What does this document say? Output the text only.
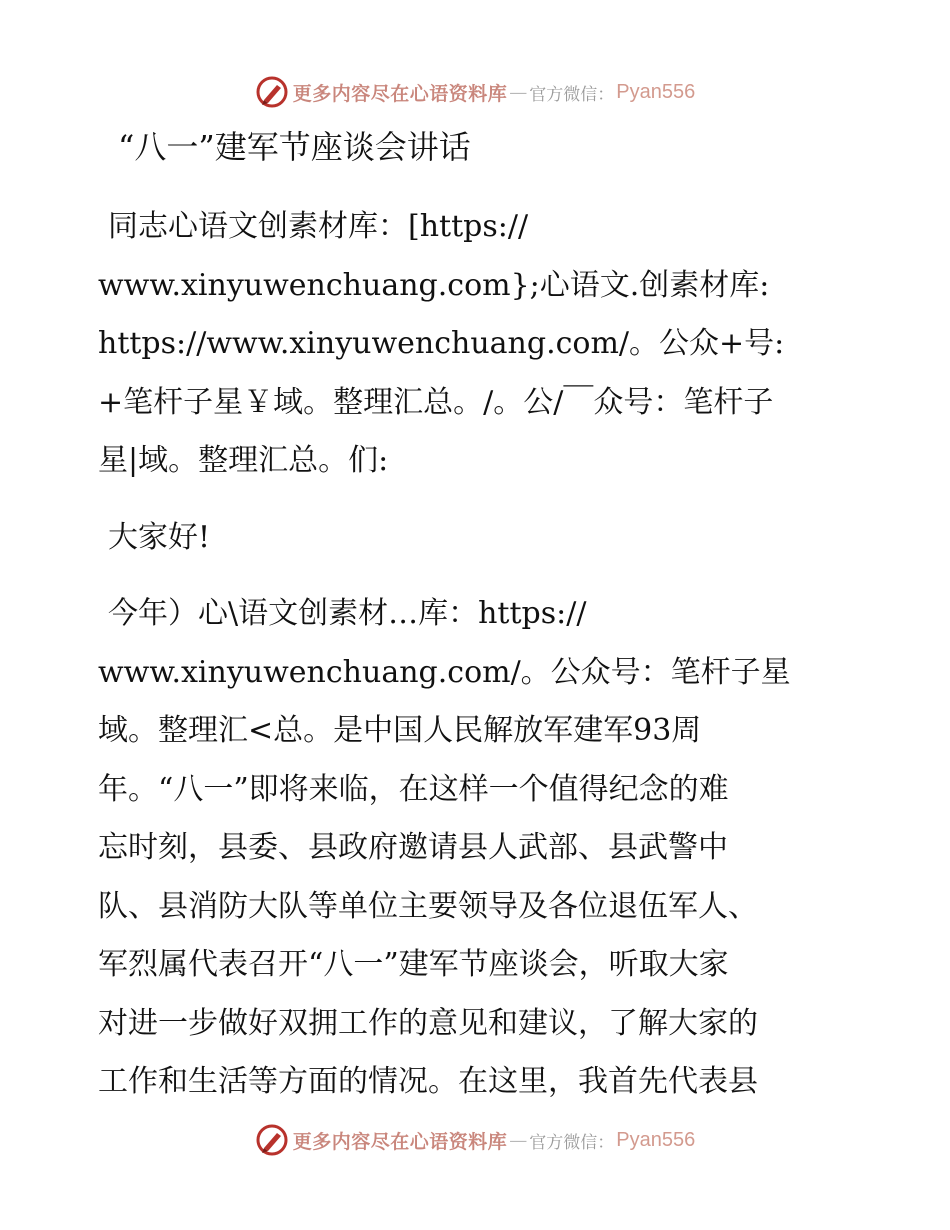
更多内容尽在心语资料库 — 官方微信： Pyan556
“八一”建军节座谈会讲话
同志心语文创素材库：[https://
www.xinyuwenchuang.com};心语文.创素材库:
https://www.xinyuwenchuang.com/。公众+号:
+笔杆子星￥域。整理汇总。/。公/￣众号：笔杆子
星|域。整理汇总。们:
大家好!
今年）心\语文创素材…库：https://
www.xinyuwenchuang.com/。公众号：笔杆子星
域。整理汇<总。是中国人民解放军建军93周
年。“八一”即将来临，在这样一个值得纪念的难
忘时刻，县委、县政府邀请县人武部、县武警中
队、县消防大队等单位主要领导及各位退伍军人、
军烈属代表召开“八一”建军节座谈会，听取大家
对进一步做好双拥工作的意见和建议，了解大家的
工作和生活等方面的情况。在这里，我首先代表县
更多内容尽在心语资料库 — 官方微信： Pyan556
